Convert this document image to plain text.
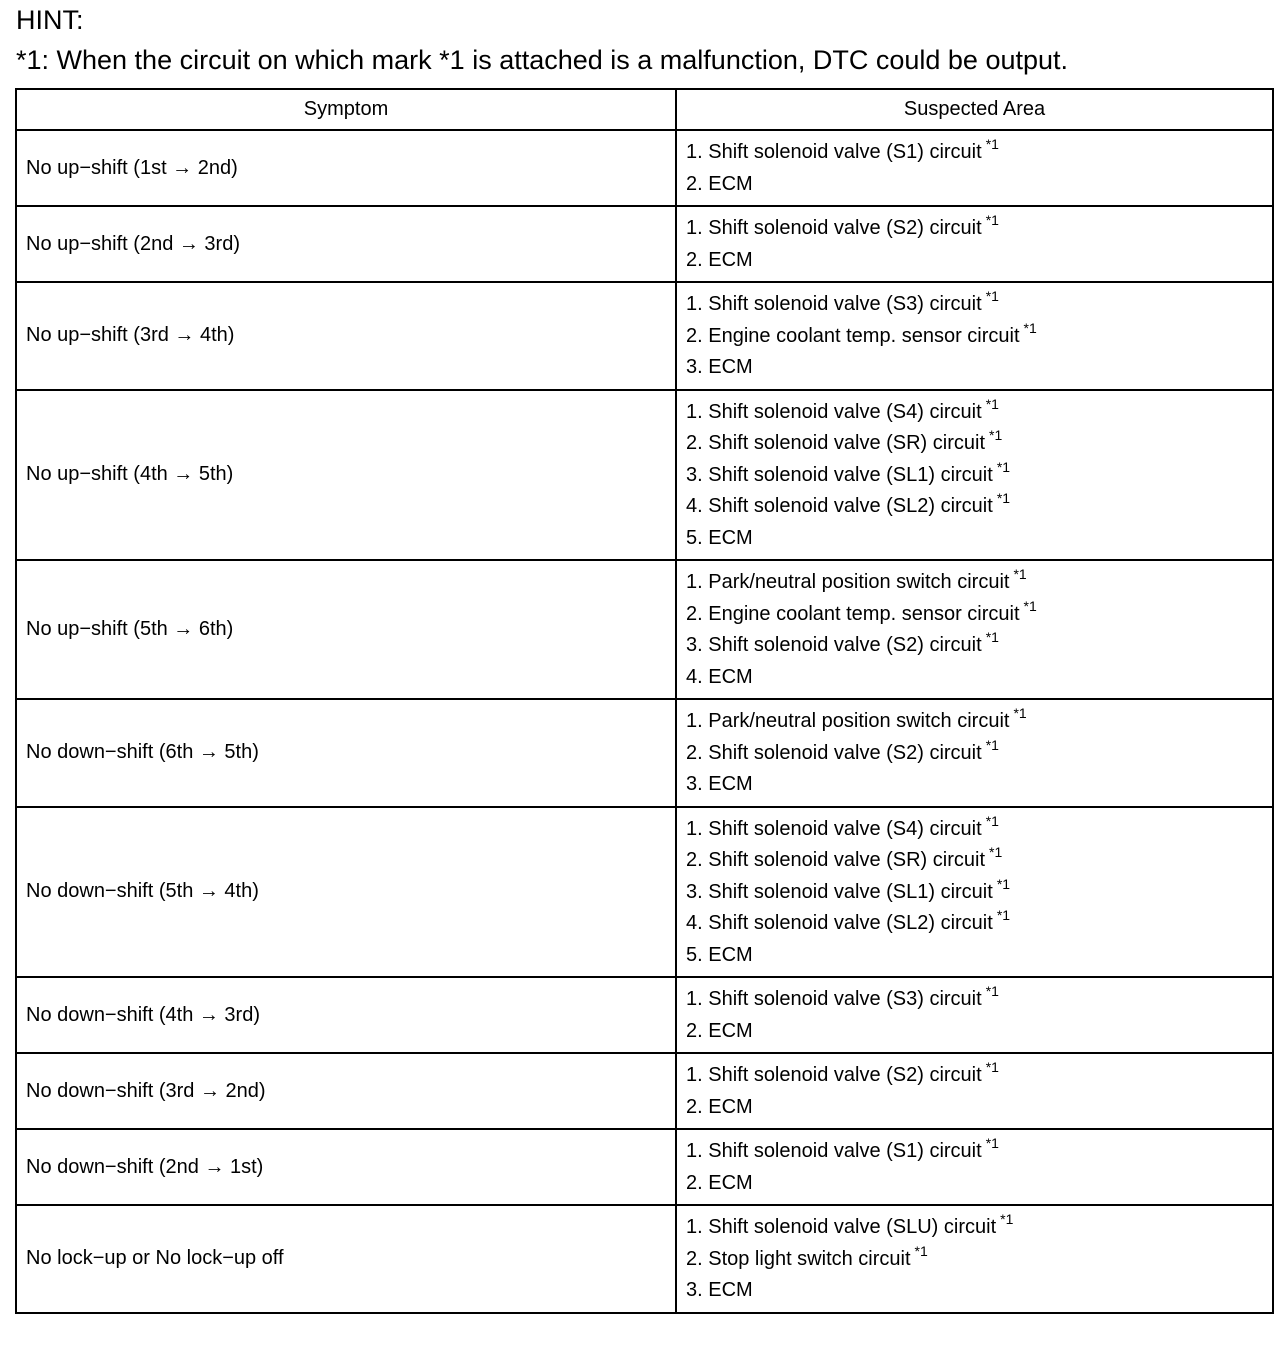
HINT:
*1: When the circuit on which mark *1 is attached is a malfunction, DTC could be output.
Symptom	Suspected Area
No up−shift (1st → 2nd)	1. Shift solenoid valve (S1) circuit $^{*1}$
2. ECM

No up−shift (2nd → 3rd)	1. Shift solenoid valve (S2) circuit $^{*1}$
2. ECM

No up−shift (3rd → 4th)	1. Shift solenoid valve (S3) circuit $^{*1}$
2. Engine coolant temp. sensor circuit $^{*1}$
3. ECM

No up−shift (4th → 5th)	1. Shift solenoid valve (S4) circuit $^{*1}$
2. Shift solenoid valve (SR) circuit $^{*1}$
3. Shift solenoid valve (SL1) circuit $^{*1}$
4. Shift solenoid valve (SL2) circuit $^{*1}$
5. ECM

No up−shift (5th → 6th)	1. Park/neutral position switch circuit $^{*1}$
2. Engine coolant temp. sensor circuit $^{*1}$
3. Shift solenoid valve (S2) circuit $^{*1}$
4. ECM

No down−shift (6th → 5th)	1. Park/neutral position switch circuit $^{*1}$
2. Shift solenoid valve (S2) circuit $^{*1}$
3. ECM

No down−shift (5th → 4th)	1. Shift solenoid valve (S4) circuit $^{*1}$
2. Shift solenoid valve (SR) circuit $^{*1}$
3. Shift solenoid valve (SL1) circuit $^{*1}$
4. Shift solenoid valve (SL2) circuit $^{*1}$
5. ECM

No down−shift (4th → 3rd)	1. Shift solenoid valve (S3) circuit $^{*1}$
2. ECM

No down−shift (3rd → 2nd)	1. Shift solenoid valve (S2) circuit $^{*1}$
2. ECM

No down−shift (2nd → 1st)	1. Shift solenoid valve (S1) circuit $^{*1}$
2. ECM

No lock−up or No lock−up off	1. Shift solenoid valve (SLU) circuit $^{*1}$
2. Stop light switch circuit $^{*1}$
3. ECM
